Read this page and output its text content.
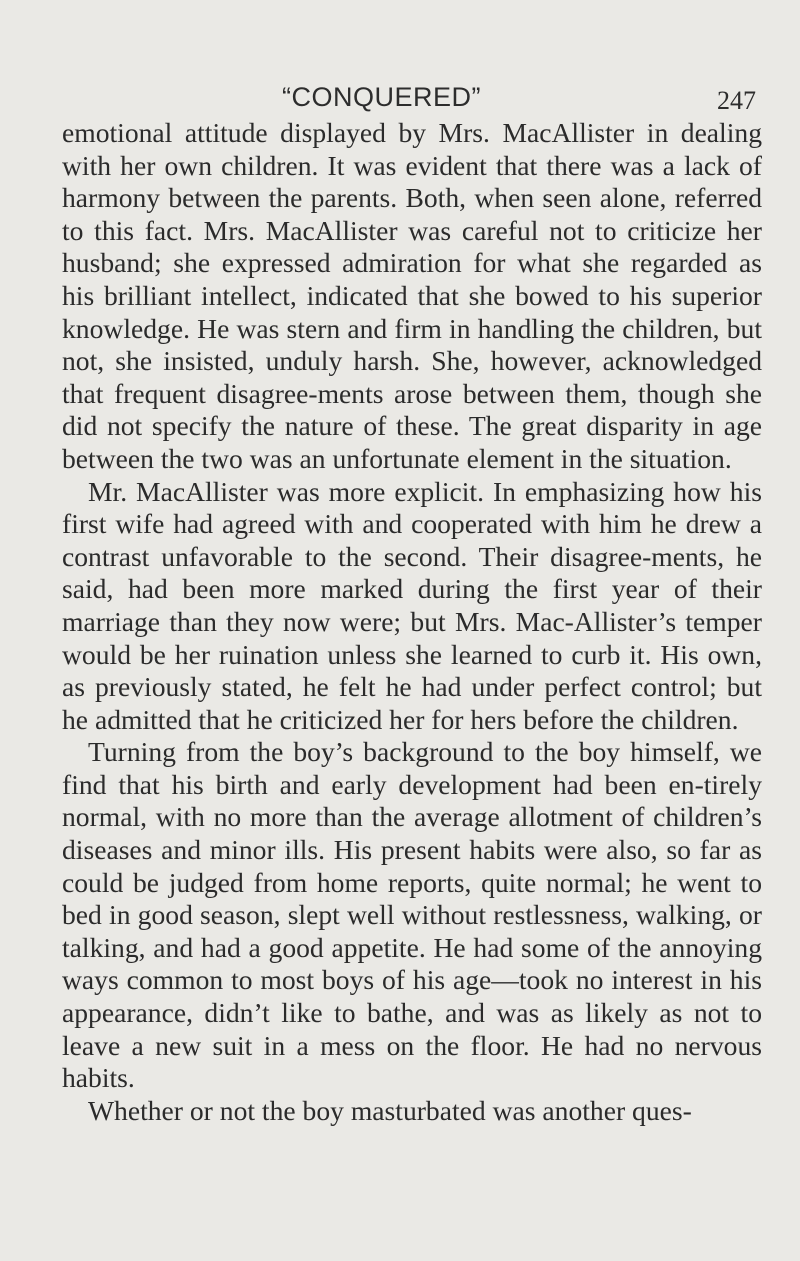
“CONQUERED”	247

emotional attitude displayed by Mrs. MacAllister in dealing with her own children. It was evident that there was a lack of harmony between the parents. Both, when seen alone, referred to this fact. Mrs. MacAllister was careful not to criticize her husband; she expressed admiration for what she regarded as his brilliant intellect, indicated that she bowed to his superior knowledge. He was stern and firm in handling the children, but not, she insisted, unduly harsh. She, however, acknowledged that frequent disagree-ments arose between them, though she did not specify the nature of these. The great disparity in age between the two was an unfortunate element in the situation.

Mr. MacAllister was more explicit. In emphasizing how his first wife had agreed with and cooperated with him he drew a contrast unfavorable to the second. Their disagree-ments, he said, had been more marked during the first year of their marriage than they now were; but Mrs. Mac-Allister’s temper would be her ruination unless she learned to curb it. His own, as previously stated, he felt he had under perfect control; but he admitted that he criticized her for hers before the children.

Turning from the boy’s background to the boy himself, we find that his birth and early development had been en-tirely normal, with no more than the average allotment of children’s diseases and minor ills. His present habits were also, so far as could be judged from home reports, quite normal; he went to bed in good season, slept well without restlessness, walking, or talking, and had a good appetite. He had some of the annoying ways common to most boys of his age—took no interest in his appearance, didn’t like to bathe, and was as likely as not to leave a new suit in a mess on the floor. He had no nervous habits.

Whether or not the boy masturbated was another ques-
